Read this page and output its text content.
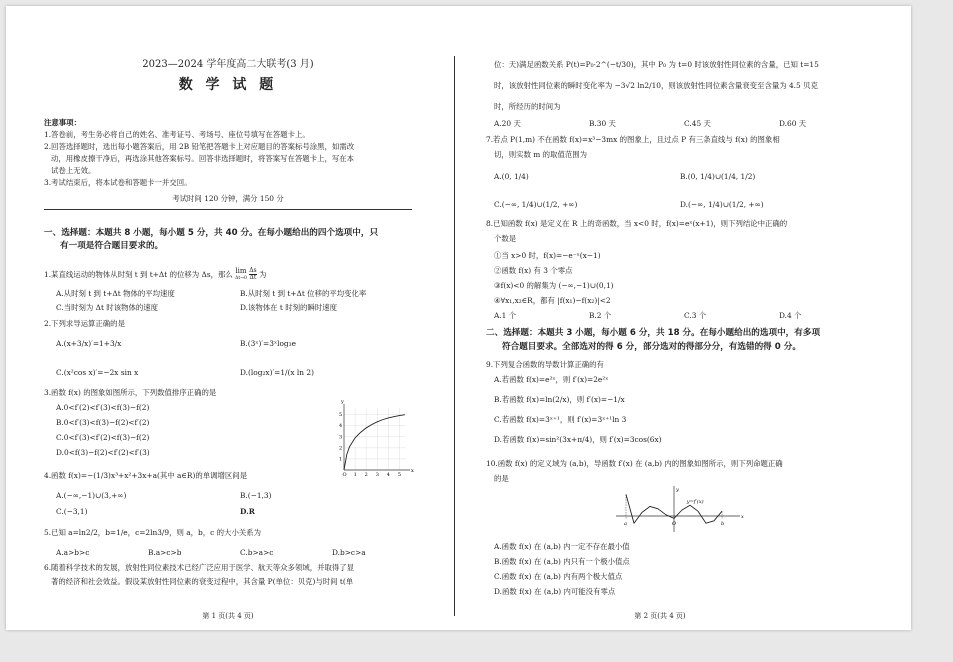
2023—2024 学年度高二大联考(3 月)
数 学 试 题
注意事项：
1.答卷前，考生务必将自己的姓名、准考证号、考场号、座位号填写在答题卡上。
2.回答选择题时，选出每小题答案后，用 2B 铅笔把答题卡上对应题目的答案标号涂黑，如需改
动，用橡皮擦干净后，再选涂其他答案标号。回答非选择题时，将答案写在答题卡上，写在本
试卷上无效。
3.考试结束后，将本试卷和答题卡一并交回。
考试时间 120 分钟，满分 150 分
一、选择题：本题共 8 小题，每小题 5 分，共 40 分。在每小题给出的四个选项中，只
有一项是符合题目要求的。
1.某直线运动的物体从时刻 t 到 t+Δt 的位移为 Δs，那么 lim
$\Delta t\to 0 \frac{\Delta s}{\Delta t}$ 为
A.从时刻 t 到 t+Δt 物体的平均速度	B.从时刻 t 到 t+Δt 位移的平均变化率
C.当时刻为 Δt 时该物体的速度	D.该物体在 t 时刻的瞬时速度
2.下列求导运算正确的是
A.(x+3/x)′=1+3/x	B.(3ˣ)′=3ˣlog₃e
C.(x²cos x)′=−2x sin x	D.(log₂x)′=1/(x ln 2)
3.函数 f(x) 的图象如图所示，下列数值排序正确的是
A.0<f′(2)<f′(3)<f(3)−f(2)
B.0<f′(3)<f(3)−f(2)<f′(2)
C.0<f′(3)<f′(2)<f(3)−f(2)
D.0<f(3)−f(2)<f′(2)<f′(3)
x
y
O 1 2 3 4 5
1
2
3
4
5
4.函数 f(x)=−(1/3)x³+x²+3x+a(其中 a∈R)的单调增区间是
A.(−∞,−1)∪(3,+∞)	B.(−1,3)
C.(−3,1)	D.R
5.已知 a=ln2/2，b=1/e，c=2ln3/9，则 a，b，c 的大小关系为
A.a>b>c	B.a>c>b	C.b>a>c	D.b>c>a
6.随着科学技术的发展，放射性同位素技术已经广泛应用于医学、航天等众多领域，并取得了显
著的经济和社会效益。假设某放射性同位素的衰变过程中，其含量 P(单位：贝克)与时间 t(单
第 1 页(共 4 页)
位：天)满足函数关系 P(t)=P₀·2^(−t/30)，其中 P₀ 为 t=0 时该放射性同位素的含量，已知 t=15
时，该放射性同位素的瞬时变化率为 −3√2 ln2/10，则该放射性同位素含量衰变至含量为 4.5 贝克
时，所经历的时间为
A.20 天	B.30 天	C.45 天	D.60 天
7.若点 P(1,m) 不在函数 f(x)=x³−3mx 的图象上，且过点 P 有三条直线与 f(x) 的图象相
切，则实数 m 的取值范围为
A.(0, 1/4)	B.(0, 1/4)∪(1/4, 1/2)
C.(−∞, 1/4)∪(1/2, +∞)	D.(−∞, 1/4)∪(1/2, +∞)
8.已知函数 f(x) 是定义在 R 上的奇函数，当 x<0 时，f(x)=eˣ(x+1)，则下列结论中正确的
个数是
①当 x>0 时，f(x)=−e⁻ˣ(x−1)
②函数 f(x) 有 3 个零点
③f(x)<0 的解集为 (−∞,−1)∪(0,1)
④∀x₁,x₂∈R，都有 |f(x₁)−f(x₂)|<2
A.1 个	B.2 个	C.3 个	D.4 个
二、选择题：本题共 3 小题，每小题 6 分，共 18 分。在每小题给出的选项中，有多项
符合题目要求。全部选对的得 6 分，部分选对的得部分分，有选错的得 0 分。
9.下列复合函数的导数计算正确的有
A.若函数 f(x)=e²ˣ，则 f′(x)=2e²ˣ
B.若函数 f(x)=ln(2/x)，则 f′(x)=−1/x
C.若函数 f(x)=3ˣ⁺¹，则 f′(x)=3ˣ⁺¹ln 3
D.若函数 f(x)=sin²(3x+π/4)，则 f′(x)=3cos(6x)
10.函数 f(x) 的定义域为 (a,b)，导函数 f′(x) 在 (a,b) 内的图象如图所示，则下列命题正确
的是
x
y
a	O	b
y=f′(x)
A.函数 f(x) 在 (a,b) 内一定不存在最小值
B.函数 f(x) 在 (a,b) 内只有一个极小值点
C.函数 f(x) 在 (a,b) 内有两个极大值点
D.函数 f(x) 在 (a,b) 内可能没有零点
第 2 页(共 4 页)
